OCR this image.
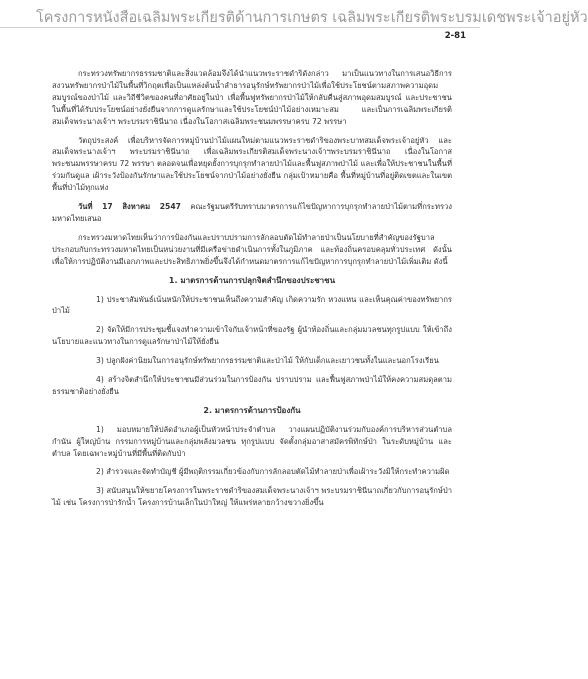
โครงการหนังสือเฉลิมพระเกียรติด้านการเกษตร เฉลิมพระเกียรติพระบรมเดชพระเจ้าอยู่หัว
2-81

กระทรวงทรัพยากรธรรมชาติและสิ่งแวดล้อมจึงได้นำแนวพระราชดำริดังกล่าว มาเป็นแนวทางในการเสนอวิธีการสงวนทรัพยากรป่าไม้ในพื้นที่วิกฤตเพื่อเป็นแหล่งต้นน้ำลำธารอนุรักษ์ทรัพยากรป่าไม้เพื่อใช้ประโยชน์ตามสภาพความอุดมสมบูรณ์ของป่าไม้ และวิถีชีวิตของคนที่อาศัยอยู่ในป่า เพื่อพื้นฟูทรัพยากรป่าไม้ให้กลับคืนสู่สภาพอุดมสมบูรณ์ และประชาชนในพื้นที่ได้รับประโยชน์อย่างยั่งยืนจากการดูแลรักษาและใช้ประโยชน์ป่าไม้อย่างเหมาะสม และเป็นการเฉลิมพระเกียรติสมเด็จพระนางเจ้าฯ พระบรมราชินีนาถ เนื่องในโอกาสเฉลิมพระชนมพรรษาครบ 72 พรรษา

วัตถุประสงค์ เพื่อบริหารจัดการหมู่บ้านป่าไม้แผนใหม่ตามแนวพระราชดำริของพระบาทสมเด็จพระเจ้าอยู่หัว และสมเด็จพระนางเจ้าฯ พระบรมราชินีนาถ เพื่อเฉลิมพระเกียรติสมเด็จพระนางเจ้าฯพระบรมราชินีนาถ เนื่องในโอกาสพระชนมพรรษาครบ 72 พรรษา ตลอดจนเพื่อหยุดยั้งการบุกรุกทำลายป่าไม้และพื้นฟูสภาพป่าไม้ และเพื่อให้ประชาชนในพื้นที่ร่วมกันดูแล เฝ้าระวังป้องกันรักษาและใช้ประโยชน์จากป่าไม้อย่างยั่งยืน กลุ่มเป้าหมายคือ พื้นที่หมู่บ้านที่อยู่ติดเขตและในเขตพื้นที่ป่าไม้ทุกแห่ง

วันที่ 17 สิงหาคม 2547 คณะรัฐมนตรีรับทราบมาตรการแก้ไขปัญหาการบุกรุกทำลายป่าไม้ตามที่กระทรวงมหาดไทยเสนอ

กระทรวงมหาดไทยเห็นว่าการป้องกันและปราบปรามการลักลอบตัดไม้ทำลายป่าเป็นนโยบายที่สำคัญของรัฐบาล ประกอบกับกระทรวงมหาดไทยเป็นหน่วยงานที่มีเครือข่ายดำเนินการทั้งในภูมิภาค และท้องถิ่นครอบคลุมทั่วประเทศ ดังนั้น เพื่อให้การปฏิบัติงานมีเอกภาพและประสิทธิภาพยิ่งขึ้นจึงได้กำหนดมาตรการแก้ไขปัญหาการบุกรุกทำลายป่าไม้เพิ่มเติม ดังนี้

1. มาตรการด้านการปลุกจิตสำนึกของประชาชน

1) ประชาสัมพันธ์เน้นหนักให้ประชาชนเห็นถึงความสำคัญ เกิดความรัก หวงแหน และเห็นคุณค่าของทรัพยากรป่าไม้

2) จัดให้มีการประชุมชี้แจงทำความเข้าใจกับเจ้าหน้าที่ของรัฐ ผู้นำท้องถิ่นและกลุ่มมวลชนทุกรูปแบบ ให้เข้าถึงนโยบายและแนวทางในการดูแลรักษาป่าไม้ให้ยั่งยืน

3) ปลูกฝังค่านิยมในการอนุรักษ์ทรัพยากรธรรมชาติและป่าไม้ ให้กับเด็กและเยาวชนทั้งในและนอกโรงเรียน

4) สร้างจิตสำนึกให้ประชาชนมีส่วนร่วมในการป้องกัน ปราบปราม และฟื้นฟูสภาพป่าไม้ให้คงความสมดุลตามธรรมชาติอย่างยั่งยืน

2. มาตรการด้านการป้องกัน

1) มอบหมายให้ปลัดอำเภอผู้เป็นหัวหน้าประจำตำบล วางแผนปฏิบัติงานร่วมกับองค์การบริหารส่วนตำบล กำนัน ผู้ใหญ่บ้าน กรรมการหมู่บ้านและกลุ่มพลังมวลชน ทุกรูปแบบ จัดตั้งกลุ่มอาสาสมัครพิทักษ์ป่า ในระดับหมู่บ้าน และตำบล โดยเฉพาะหมู่บ้านที่มีพื้นที่ติดกับป่า

2) สำรวจและจัดทำบัญชี ผู้มีพฤติกรรมเกี่ยวข้องกับการลักลอบตัดไม้ทำลายป่าเพื่อเฝ้าระวังมิให้กระทำความผิด

3) สนับสนุนให้ขยายโครงการในพระราชดำริของสมเด็จพระนางเจ้าฯ พระบรมราชินีนาถเกี่ยวกับการอนุรักษ์ป่าไม้ เช่น โครงการป่ารักน้ำ โครงการบ้านเล็กในป่าใหญ่ ให้แพร่หลายกว้างขวางยิ่งขึ้น
